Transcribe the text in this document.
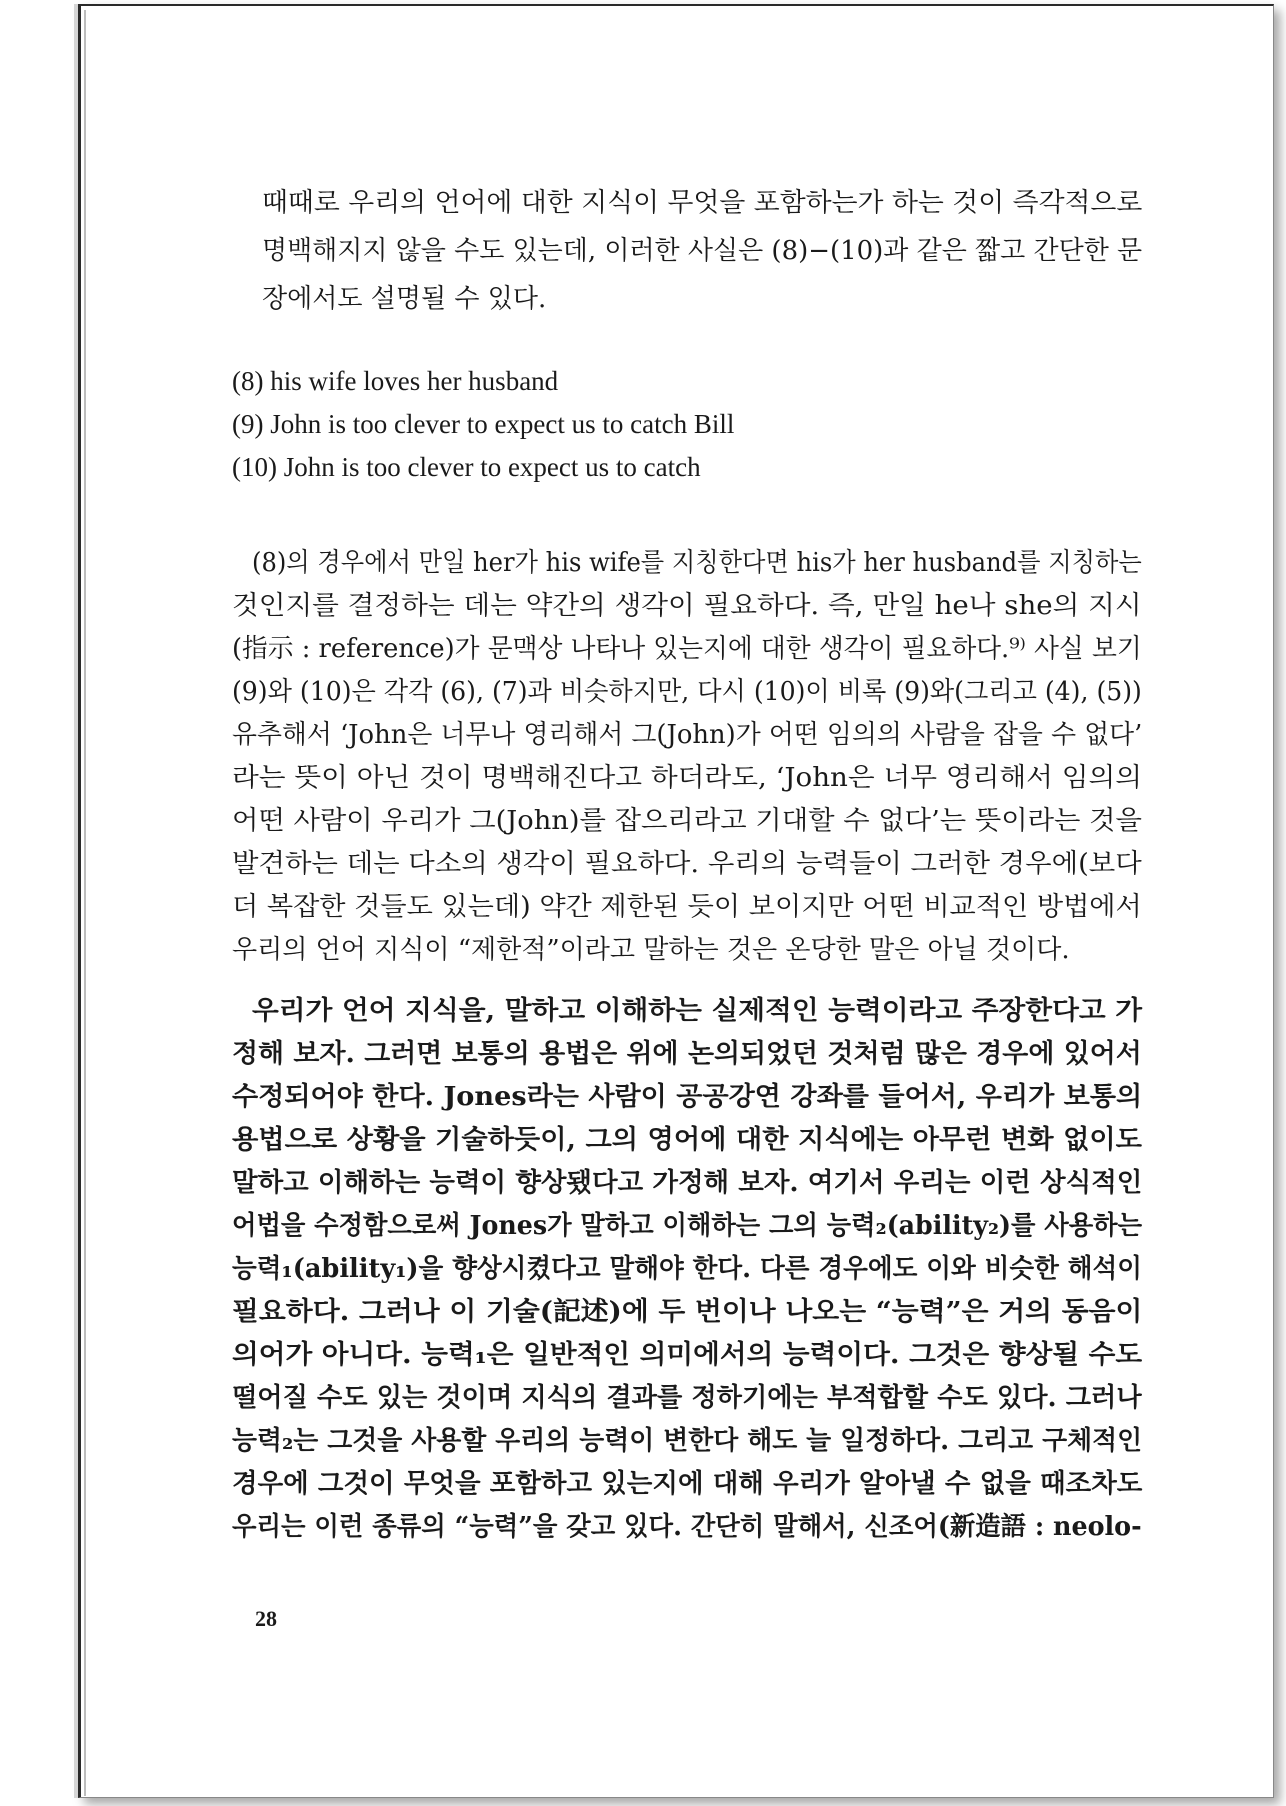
때때로 우리의 언어에 대한 지식이 무엇을 포함하는가 하는 것이 즉각적으로
명백해지지 않을 수도 있는데, 이러한 사실은 (8)−(10)과 같은 짧고 간단한 문
장에서도 설명될 수 있다.
(8) his wife loves her husband
(9) John is too clever to expect us to catch Bill
(10) John is too clever to expect us to catch
(8)의 경우에서 만일 her가 his wife를 지칭한다면 his가 her husband를 지칭하는
것인지를 결정하는 데는 약간의 생각이 필요하다. 즉, 만일 he나 she의 지시
(指示 : reference)가 문맥상 나타나 있는지에 대한 생각이 필요하다.⁹⁾ 사실 보기
(9)와 (10)은 각각 (6), (7)과 비슷하지만, 다시 (10)이 비록 (9)와(그리고 (4), (5))
유추해서 ‘John은 너무나 영리해서 그(John)가 어떤 임의의 사람을 잡을 수 없다’
라는 뜻이 아닌 것이 명백해진다고 하더라도, ‘John은 너무 영리해서 임의의
어떤 사람이 우리가 그(John)를 잡으리라고 기대할 수 없다’는 뜻이라는 것을
발견하는 데는 다소의 생각이 필요하다. 우리의 능력들이 그러한 경우에(보다
더 복잡한 것들도 있는데) 약간 제한된 듯이 보이지만 어떤 비교적인 방법에서
우리의 언어 지식이 “제한적”이라고 말하는 것은 온당한 말은 아닐 것이다.
우리가 언어 지식을, 말하고 이해하는 실제적인 능력이라고 주장한다고 가
정해 보자. 그러면 보통의 용법은 위에 논의되었던 것처럼 많은 경우에 있어서
수정되어야 한다. Jones라는 사람이 공공강연 강좌를 들어서, 우리가 보통의
용법으로 상황을 기술하듯이, 그의 영어에 대한 지식에는 아무런 변화 없이도
말하고 이해하는 능력이 향상됐다고 가정해 보자. 여기서 우리는 이런 상식적인
어법을 수정함으로써 Jones가 말하고 이해하는 그의 능력₂(ability₂)를 사용하는
능력₁(ability₁)을 향상시켰다고 말해야 한다. 다른 경우에도 이와 비슷한 해석이
필요하다. 그러나 이 기술(記述)에 두 번이나 나오는 “능력”은 거의 동음이
의어가 아니다. 능력₁은 일반적인 의미에서의 능력이다. 그것은 향상될 수도
떨어질 수도 있는 것이며 지식의 결과를 정하기에는 부적합할 수도 있다. 그러나
능력₂는 그것을 사용할 우리의 능력이 변한다 해도 늘 일정하다. 그리고 구체적인
경우에 그것이 무엇을 포함하고 있는지에 대해 우리가 알아낼 수 없을 때조차도
우리는 이런 종류의 “능력”을 갖고 있다. 간단히 말해서, 신조어(新造語 : neolo-
28
